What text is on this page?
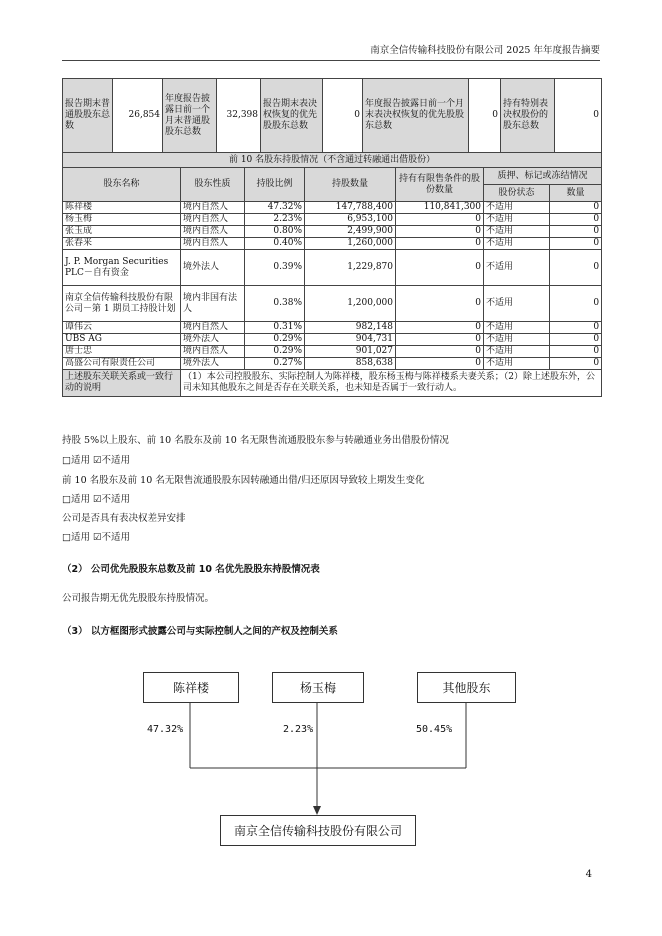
南京全信传输科技股份有限公司 2025 年年度报告摘要
报告期末普通股股东总数	26,854	年度报告披露日前一个月末普通股股东总数	32,398	报告期末表决权恢复的优先股股东总数	0	年度报告披露日前一个月末表决权恢复的优先股股东总数	0	持有特别表决权股份的股东总数	0
前 10 名股东持股情况（不含通过转融通出借股份）						
股东名称	股东性质	持股比例	持股数量	持有有限售条件的股份数量	质押、标记或冻结情况	
					股份状态	数量
陈祥楼	境内自然人	47.32%	147,788,400	110,841,300	不适用	0
杨玉梅	境内自然人	2.23%	6,953,100	0	不适用	0
张玉成	境内自然人	0.80%	2,499,900	0	不适用	0
张春来	境内自然人	0.40%	1,260,000	0	不适用	0
J. P. Morgan Securities PLC－自有资金	境外法人	0.39%	1,229,870	0	不适用	0
南京全信传输科技股份有限公司－第 1 期员工持股计划	境内非国有法人	0.38%	1,200,000	0	不适用	0
谭伟云	境内自然人	0.31%	982,148	0	不适用	0
UBS AG	境外法人	0.29%	904,731	0	不适用	0
唐士忠	境内自然人	0.29%	901,027	0	不适用	0
高盛公司有限责任公司	境外法人	0.27%	858,638	0	不适用	0
上述股东关联关系或一致行动的说明	（1）本公司控股股东、实际控制人为陈祥楼，股东杨玉梅与陈祥楼系夫妻关系；（2）除上述股东外，公司未知其他股东之间是否存在关联关系，也未知是否属于一致行动人。					
持股 5%以上股东、前 10 名股东及前 10 名无限售流通股股东参与转融通业务出借股份情况
□适用 ☑不适用
前 10 名股东及前 10 名无限售流通股股东因转融通出借/归还原因导致较上期发生变化
□适用 ☑不适用
公司是否具有表决权差异安排
□适用 ☑不适用
（2） 公司优先股股东总数及前 10 名优先股股东持股情况表
公司报告期无优先股股东持股情况。
（3） 以方框图形式披露公司与实际控制人之间的产权及控制关系
陈祥楼	杨玉梅	其他股东
47.32%	2.23%	50.45%
南京全信传输科技股份有限公司
4
